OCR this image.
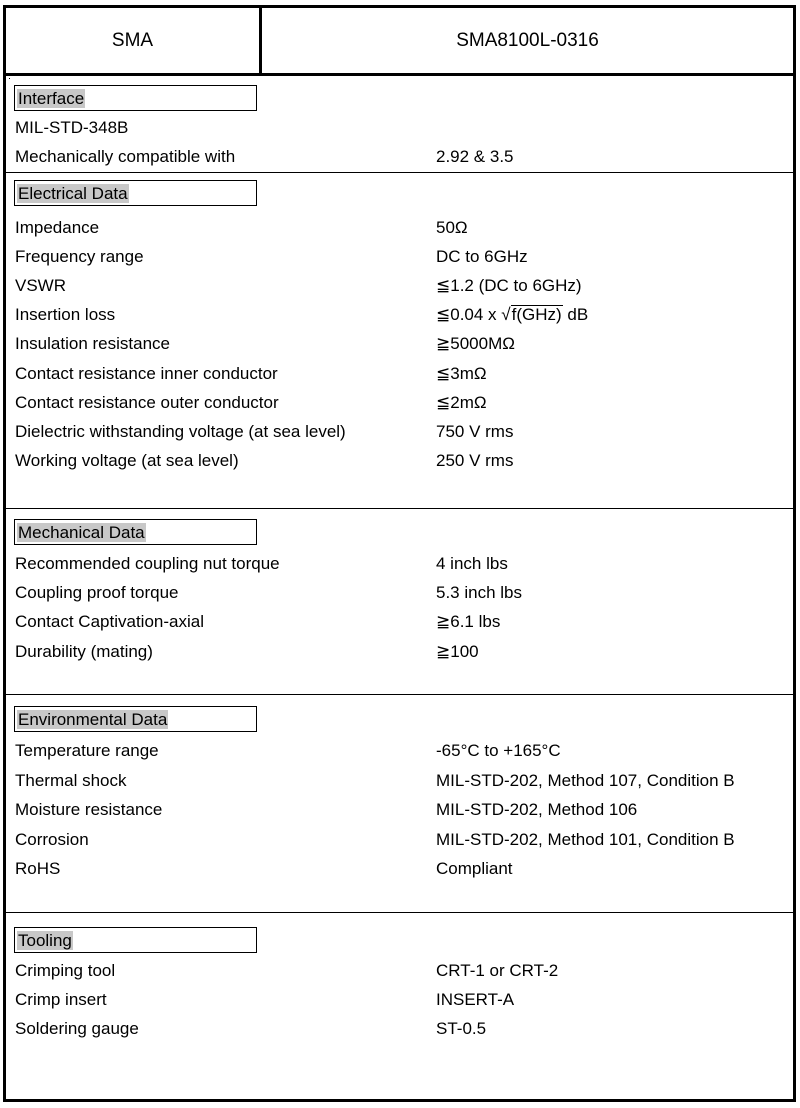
SMA	SMA8100L-0316
Interface
MIL-STD-348B
Mechanically compatible with	2.92 & 3.5
Electrical Data
Impedance	50Ω
Frequency range	DC to 6GHz
VSWR	≦1.2 (DC to 6GHz)
Insertion loss	≦0.04 x √f(GHz) dB
Insulation resistance	≧5000MΩ
Contact resistance inner conductor	≦3mΩ
Contact resistance outer conductor	≦2mΩ
Dielectric withstanding voltage (at sea level)	750 V rms
Working voltage (at sea level)	250 V rms
Mechanical Data
Recommended coupling nut torque	4 inch lbs
Coupling proof torque	5.3 inch lbs
Contact Captivation-axial	≧6.1 lbs
Durability (mating)	≧100
Environmental Data
Temperature range	-65°C to +165°C
Thermal shock	MIL-STD-202, Method 107, Condition B
Moisture resistance	MIL-STD-202, Method 106
Corrosion	MIL-STD-202, Method 101, Condition B
RoHS	Compliant
Tooling
Crimping tool	CRT-1 or CRT-2
Crimp insert	INSERT-A
Soldering gauge	ST-0.5
